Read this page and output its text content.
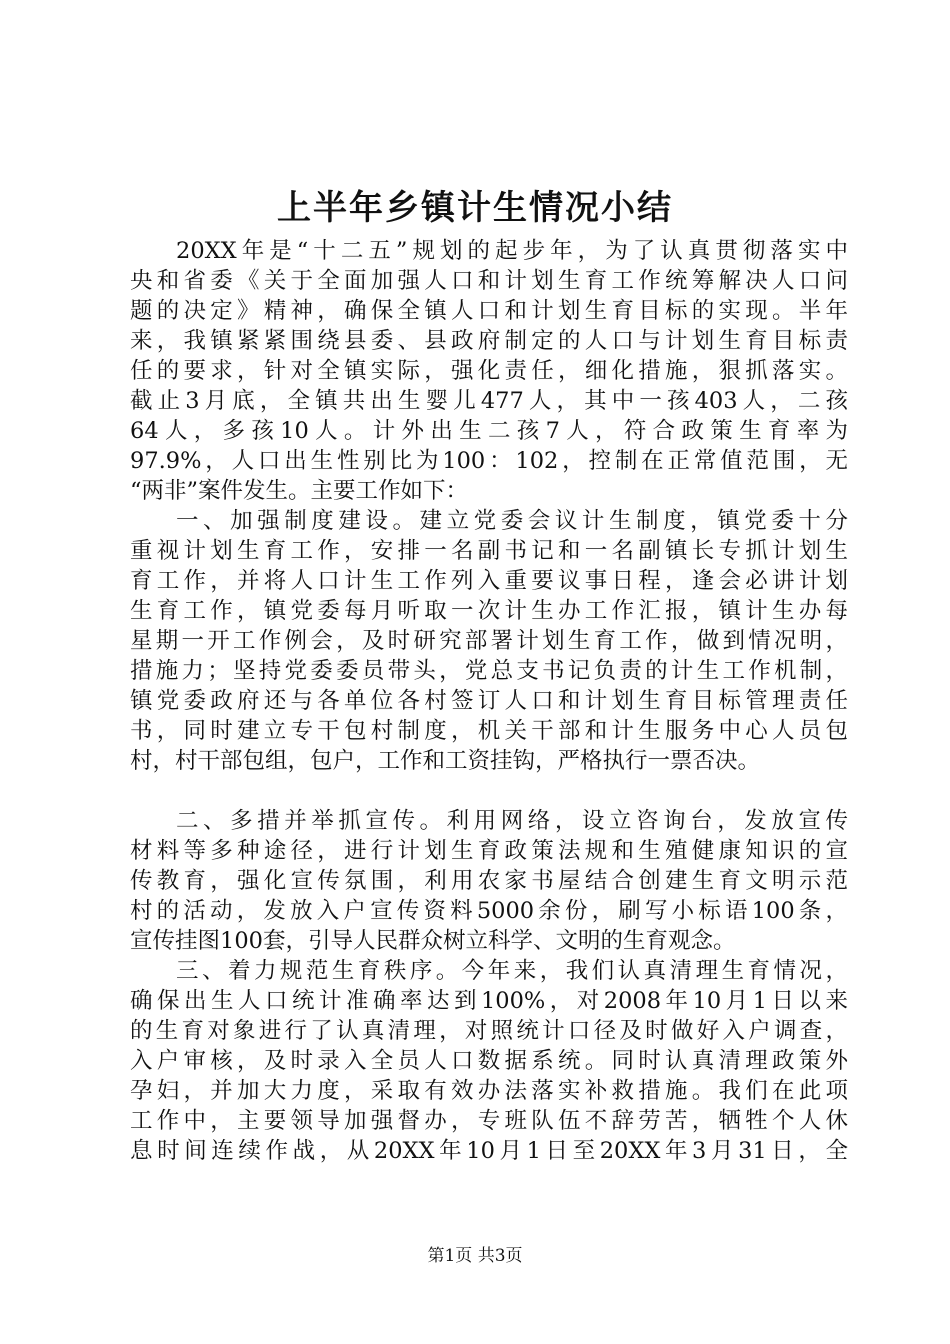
上半年乡镇计生情况小结
20XX年是“十二五”规划的起步年，为了认真贯彻落实中
央和省委《关于全面加强人口和计划生育工作统筹解决人口问
题的决定》精神，确保全镇人口和计划生育目标的实现。半年
来，我镇紧紧围绕县委、县政府制定的人口与计划生育目标责
任的要求，针对全镇实际，强化责任，细化措施，狠抓落实。
截止3月底，全镇共出生婴儿477人，其中一孩403人，二孩
64人，多孩10人。计外出生二孩7人，符合政策生育率为
97.9%，人口出生性别比为100：102，控制在正常值范围，无
“两非”案件发生。主要工作如下：
一、加强制度建设。建立党委会议计生制度，镇党委十分
重视计划生育工作，安排一名副书记和一名副镇长专抓计划生
育工作，并将人口计生工作列入重要议事日程，逢会必讲计划
生育工作，镇党委每月听取一次计生办工作汇报，镇计生办每
星期一开工作例会，及时研究部署计划生育工作，做到情况明，
措施力；坚持党委委员带头，党总支书记负责的计生工作机制，
镇党委政府还与各单位各村签订人口和计划生育目标管理责任
书，同时建立专干包村制度，机关干部和计生服务中心人员包
村，村干部包组，包户，工作和工资挂钩，严格执行一票否决。
二、多措并举抓宣传。利用网络，设立咨询台，发放宣传
材料等多种途径，进行计划生育政策法规和生殖健康知识的宣
传教育，强化宣传氛围，利用农家书屋结合创建生育文明示范
村的活动，发放入户宣传资料5000余份，刷写小标语100条，
宣传挂图100套，引导人民群众树立科学、文明的生育观念。
三、着力规范生育秩序。今年来，我们认真清理生育情况，
确保出生人口统计准确率达到100%，对2008年10月1日以来
的生育对象进行了认真清理，对照统计口径及时做好入户调查，
入户审核，及时录入全员人口数据系统。同时认真清理政策外
孕妇，并加大力度，采取有效办法落实补救措施。我们在此项
工作中，主要领导加强督办，专班队伍不辞劳苦，牺牲个人休
息时间连续作战，从20XX年10月1日至20XX年3月31日，全
第1页 共3页
